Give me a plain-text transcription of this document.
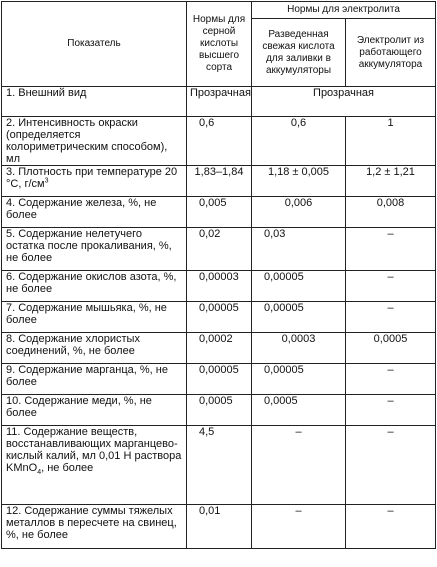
Показатель	Нормы для серной кислоты высшего сорта	Нормы для электролита	
		Разведенная свежая кислота для заливки в аккумуляторы	Электролит из работающего аккумулятора
1. Внешний вид	Прозрачная	Прозрачная	
2. Интенсивность окраски (определяется колориметрическим способом), мл	0,6	0,6	1
3. Плотность при температуре 20 °C, $г/см^3$	1,83–1,84	1,18 ± 0,005	1,2 ± 1,21
4. Содержание железа, %, не более	0,005	0,006	0,008
5. Содержание нелетучего остатка после прокаливания, %, не более	0,02	0,03	–
6. Содержание окислов азота, %, не более	0,00003	0,00005	–
7. Содержание мышьяка, %, не более	0,00005	0,00005	–
8. Содержание хлористых соединений, %, не более	0,0002	0,0003	0,0005
9. Содержание марганца, %, не более	0,00005	0,00005	–
10. Содержание меди, %, не более	0,0005	0,0005	–
11. Содержание веществ, восстанавливающих марганцево-кислый калий, мл 0,01 Н раствора KMnO$_4$, не более	4,5	–	–
12. Содержание суммы тяжелых металлов в пересчете на свинец, %, не более	0,01	–	–
